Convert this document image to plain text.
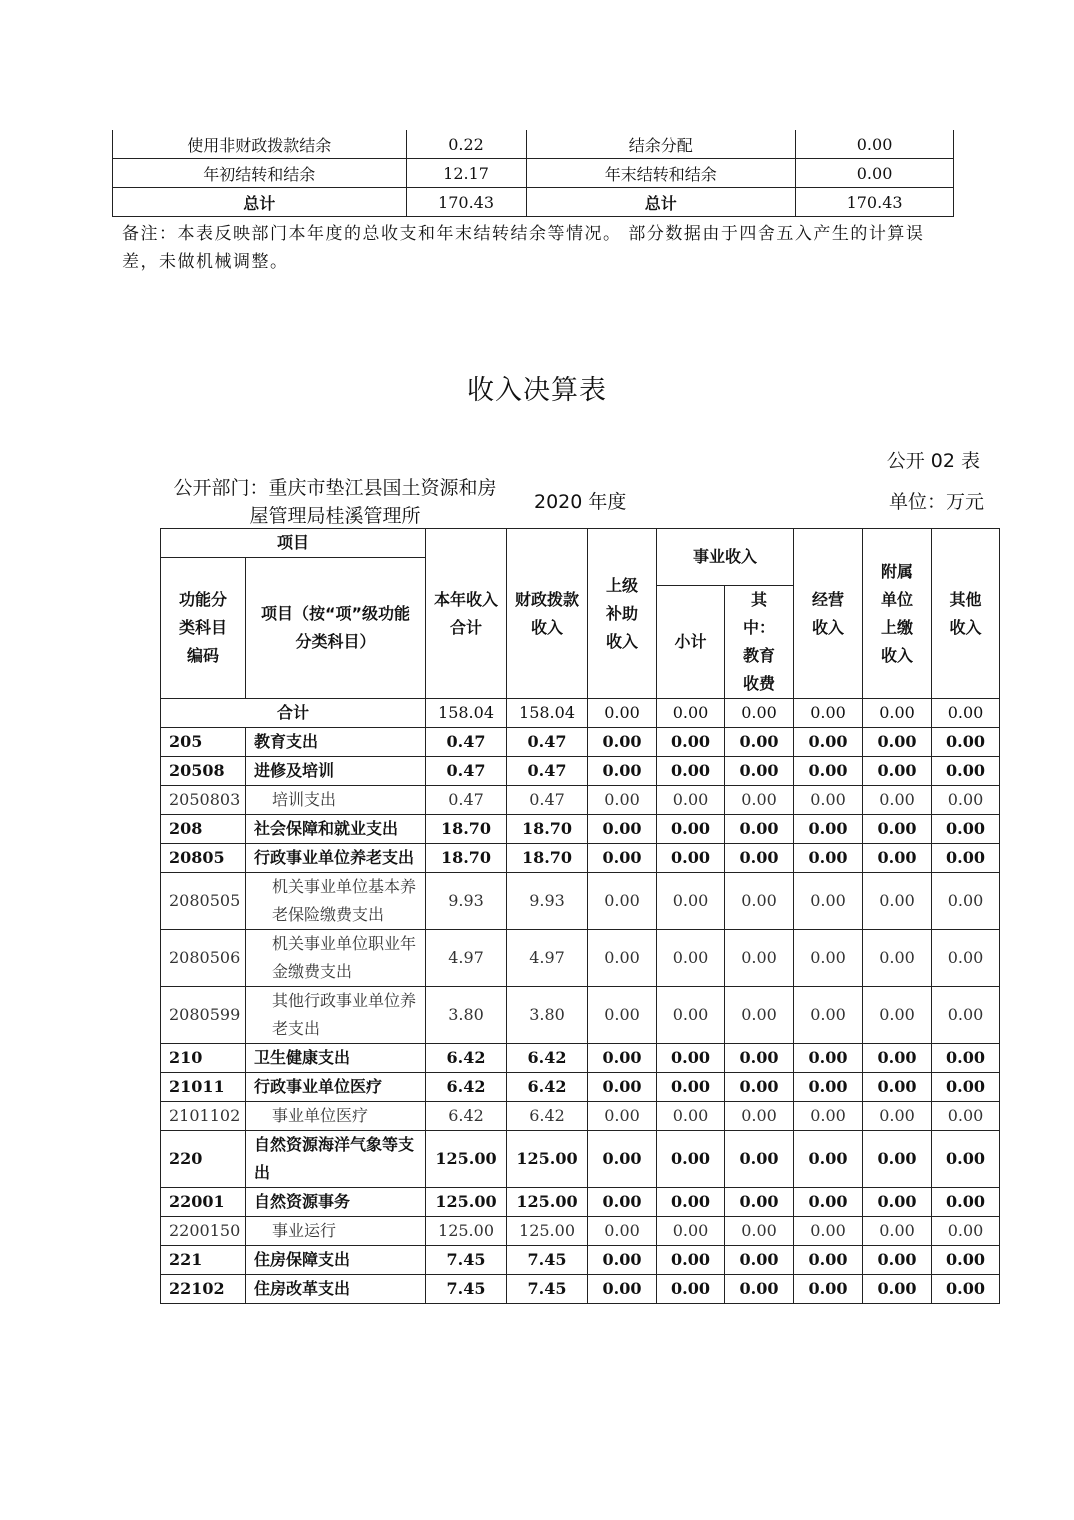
使用非财政拨款结余	0.22	结余分配	0.00
年初结转和结余	12.17	年末结转和结余	0.00
总计	170.43	总计	170.43
备注：本表反映部门本年度的总收支和年末结转结余等情况。 部分数据由于四舍五入产生的计算误差，未做机械调整。
收入决算表
公开 02 表
公开部门：重庆市垫江县国土资源和房屋管理局桂溪管理所
2020 年度	单位：万元
项目		本年收入合计	财政拨款收入	上级补助收入	事业收入		经营收入	附属单位上缴收入	其他收入
功能分类科目编码	项目（按“项”级功能分类科目）								
					小计	其中：教育收费			
合计		158.04	158.04	0.00	0.00	0.00	0.00	0.00	0.00
205	教育支出	0.47	0.47	0.00	0.00	0.00	0.00	0.00	0.00
20508	进修及培训	0.47	0.47	0.00	0.00	0.00	0.00	0.00	0.00
2050803	培训支出	0.47	0.47	0.00	0.00	0.00	0.00	0.00	0.00
208	社会保障和就业支出	18.70	18.70	0.00	0.00	0.00	0.00	0.00	0.00
20805	行政事业单位养老支出	18.70	18.70	0.00	0.00	0.00	0.00	0.00	0.00
2080505	机关事业单位基本养老保险缴费支出	9.93	9.93	0.00	0.00	0.00	0.00	0.00	0.00
2080506	机关事业单位职业年金缴费支出	4.97	4.97	0.00	0.00	0.00	0.00	0.00	0.00
2080599	其他行政事业单位养老支出	3.80	3.80	0.00	0.00	0.00	0.00	0.00	0.00
210	卫生健康支出	6.42	6.42	0.00	0.00	0.00	0.00	0.00	0.00
21011	行政事业单位医疗	6.42	6.42	0.00	0.00	0.00	0.00	0.00	0.00
2101102	事业单位医疗	6.42	6.42	0.00	0.00	0.00	0.00	0.00	0.00
220	自然资源海洋气象等支出	125.00	125.00	0.00	0.00	0.00	0.00	0.00	0.00
22001	自然资源事务	125.00	125.00	0.00	0.00	0.00	0.00	0.00	0.00
2200150	事业运行	125.00	125.00	0.00	0.00	0.00	0.00	0.00	0.00
221	住房保障支出	7.45	7.45	0.00	0.00	0.00	0.00	0.00	0.00
22102	住房改革支出	7.45	7.45	0.00	0.00	0.00	0.00	0.00	0.00
